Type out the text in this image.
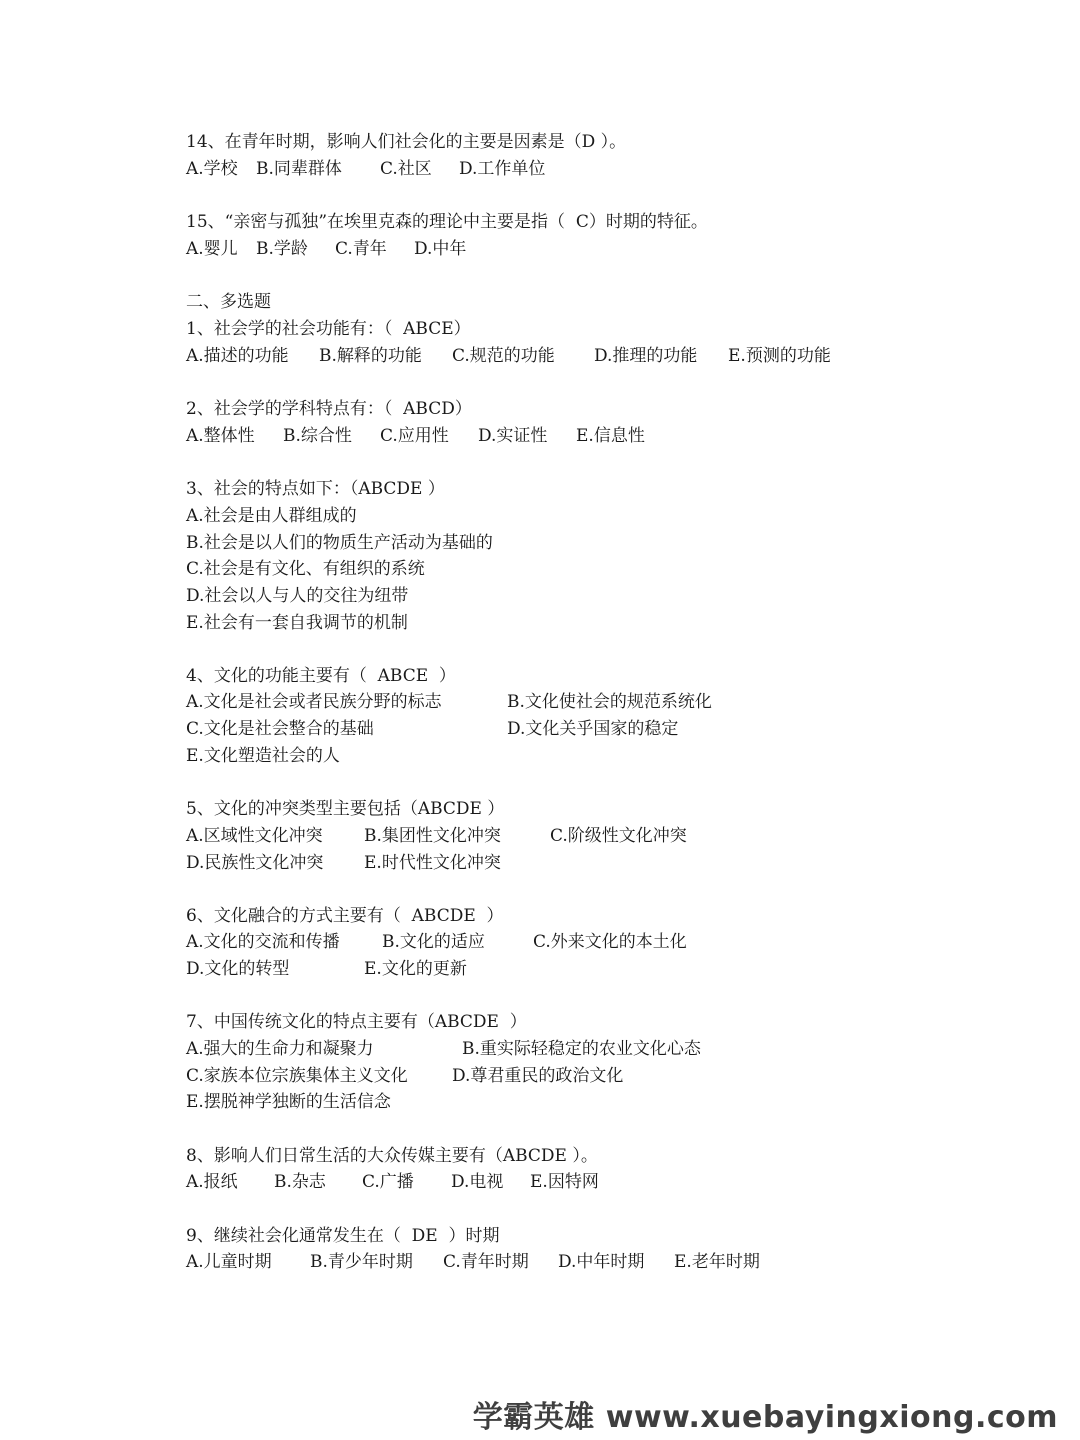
14、在青年时期，影响人们社会化的主要是因素是（D ）。
A.学校 B.同辈群体 C.社区 D.工作单位
15、“亲密与孤独”在埃里克森的理论中主要是指（  C）时期的特征。
A.婴儿 B.学龄 C.青年 D.中年
二、多选题
1、社会学的社会功能有：（  ABCE）
A.描述的功能 B.解释的功能 C.规范的功能 D.推理的功能 E.预测的功能
2、社会学的学科特点有：（  ABCD）
A.整体性 B.综合性 C.应用性 D.实证性 E.信息性
3、社会的特点如下：（ABCDE ）
A.社会是由人群组成的
B.社会是以人们的物质生产活动为基础的
C.社会是有文化、有组织的系统
D.社会以人与人的交往为纽带
E.社会有一套自我调节的机制
4、文化的功能主要有（  ABCE  ）
A.文化是社会或者民族分野的标志	B.文化使社会的规范系统化
C.文化是社会整合的基础	D.文化关乎国家的稳定
E.文化塑造社会的人
5、文化的冲突类型主要包括（ABCDE ）
A.区域性文化冲突 B.集团性文化冲突	C.阶级性文化冲突
D.民族性文化冲突 E.时代性文化冲突
6、文化融合的方式主要有（  ABCDE  ）
A.文化的交流和传播 B.文化的适应	C.外来文化的本土化
D.文化的转型	E.文化的更新
7、中国传统文化的特点主要有（ABCDE  ）
A.强大的生命力和凝聚力	B.重实际轻稳定的农业文化心态
C.家族本位宗族集体主义文化	D.尊君重民的政治文化
E.摆脱神学独断的生活信念
8、影响人们日常生活的大众传媒主要有（ABCDE ）。
A.报纸 B.杂志 C.广播 D.电视 E.因特网
9、继续社会化通常发生在（  DE  ）时期
A.儿童时期 B.青少年时期 C.青年时期 D.中年时期 E.老年时期
学霸英雄 www.xuebayingxiong.com
